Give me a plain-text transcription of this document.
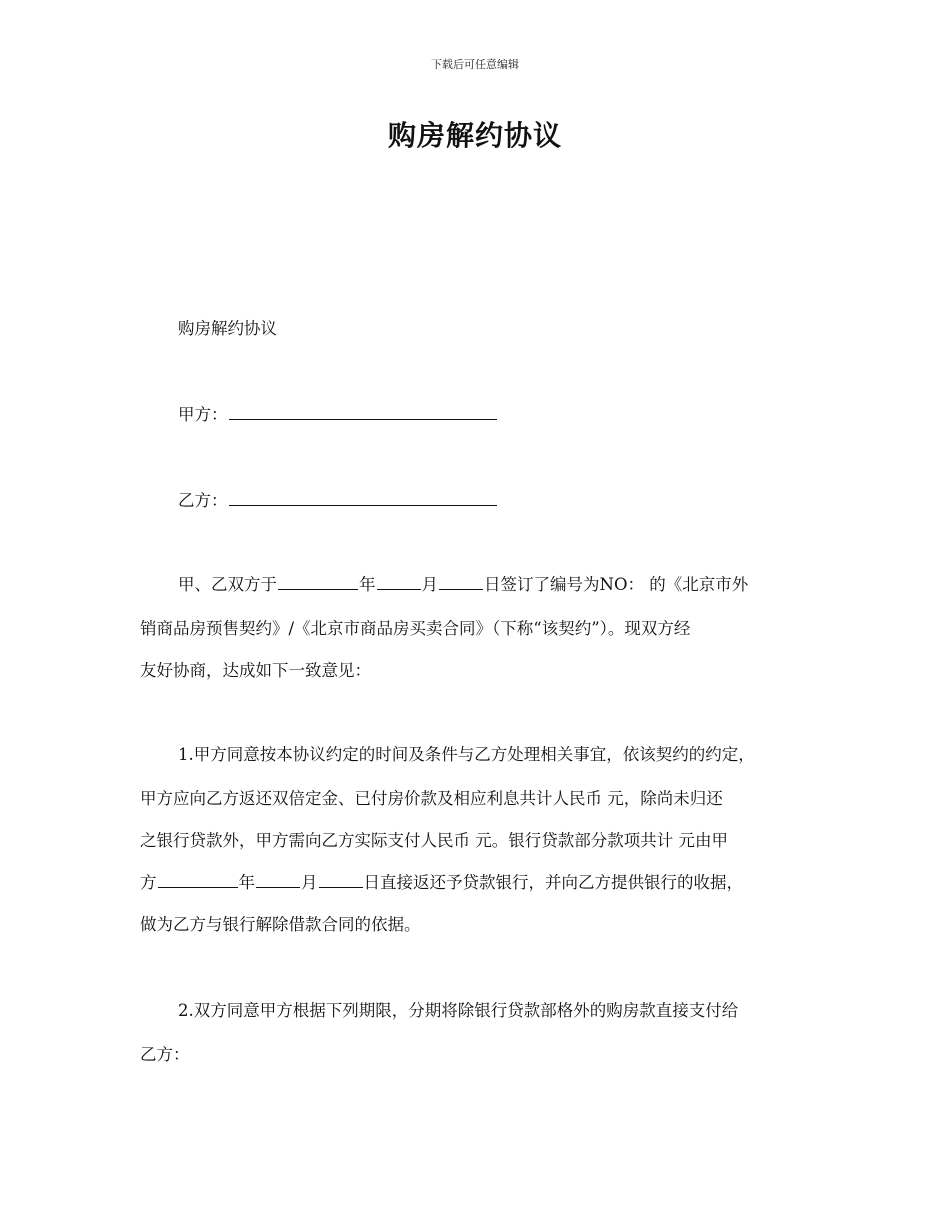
下载后可任意编辑
购房解约协议
购房解约协议
甲方：
乙方：
甲、乙双方于	年	月	日签订了编号为NO： 的《北京市外
销商品房预售契约》/《北京市商品房买卖合同》（下称“该契约”）。现双方经
友好协商，达成如下一致意见：
1.甲方同意按本协议约定的时间及条件与乙方处理相关事宜，依该契约的约定，
甲方应向乙方返还双倍定金、已付房价款及相应利息共计人民币 元，除尚未归还
之银行贷款外，甲方需向乙方实际支付人民币 元。银行贷款部分款项共计 元由甲
方	年	月	日直接返还予贷款银行，并向乙方提供银行的收据，
做为乙方与银行解除借款合同的依据。
2.双方同意甲方根据下列期限，分期将除银行贷款部格外的购房款直接支付给
乙方：
